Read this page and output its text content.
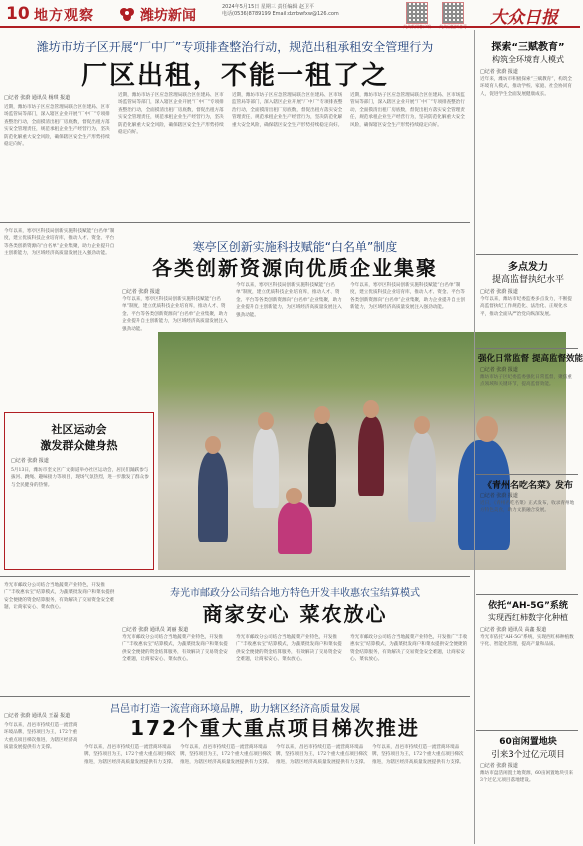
10 地方观察	潍坊新闻
2024年5月15日 星期三 责任编辑 赵卫平
电话(0536)8789199 Email:dzrbwfxw@126.com
大众新闻客户端 大众日报抖音号 大众日报
潍坊市坊子区开展“厂中厂”专项排查整治行动，规范出租承租安全管理行为
厂区出租，不能一租了之
□记者 张蔚 通讯员 杨琪 报道
近期，潍坊市坊子区应急管理局联合区住建局、区市场监管局等部门，深入辖区企业开展“厂中厂”专项排查整治行动，全面摸清出租厂房底数，督促出租方落实安全管理责任，规范承租企业生产经营行为，坚决防范化解重大安全风险，确保辖区安全生产形势持续稳定向好。
近期，潍坊市坊子区应急管理局联合区住建局、区市场监管局等部门，深入辖区企业开展“厂中厂”专项排查整治行动，全面摸清出租厂房底数，督促出租方落实安全管理责任，规范承租企业生产经营行为，坚决防范化解重大安全风险，确保辖区安全生产形势持续稳定向好。
近期，潍坊市坊子区应急管理局联合区住建局、区市场监管局等部门，深入辖区企业开展“厂中厂”专项排查整治行动，全面摸清出租厂房底数，督促出租方落实安全管理责任，规范承租企业生产经营行为，坚决防范化解重大安全风险，确保辖区安全生产形势持续稳定向好。
近期，潍坊市坊子区应急管理局联合区住建局、区市场监管局等部门，深入辖区企业开展“厂中厂”专项排查整治行动，全面摸清出租厂房底数，督促出租方落实安全管理责任，规范承租企业生产经营行为，坚决防范化解重大安全风险，确保辖区安全生产形势持续稳定向好。
今年以来，寒亭区科技局创新实施科技赋能“白名单”制度，建立优质科技企业培育库，推动人才、资金、平台等各类创新资源向“白名单”企业集聚，助力企业提升自主创新能力，为区域经济高质量发展注入强劲动能。	寒亭区创新实施科技赋能“白名单”制度
各类创新资源向优质企业集聚
□记者 张蔚 报道
今年以来，寒亭区科技局创新实施科技赋能“白名单”制度，建立优质科技企业培育库，推动人才、资金、平台等各类创新资源向“白名单”企业集聚，助力企业提升自主创新能力，为区域经济高质量发展注入强劲动能。
今年以来，寒亭区科技局创新实施科技赋能“白名单”制度，建立优质科技企业培育库，推动人才、资金、平台等各类创新资源向“白名单”企业集聚，助力企业提升自主创新能力，为区域经济高质量发展注入强劲动能。
今年以来，寒亭区科技局创新实施科技赋能“白名单”制度，建立优质科技企业培育库，推动人才、资金、平台等各类创新资源向“白名单”企业集聚，助力企业提升自主创新能力，为区域经济高质量发展注入强劲动能。
社区运动会
激发群众健身热
□记者 张蔚 报道
5月13日，潍坊市奎文区广文街道举办社区运动会，居民们踊跃参与拔河、跳绳、趣味接力等项目，现场气氛热烈，进一步激发了群众参与全民健身的热情。
寿光市邮政分公司结合当地蔬菜产业特色，开发推广“丰收惠农宝”结算模式，为蔬菜批发商户和菜农提供安全便捷的资金结算服务，有效解决了交易资金安全难题，让商家安心、菜农放心。
寿光市邮政分公司结合地方特色开发丰收惠农宝结算模式
商家安心 菜农放心
□记者 张蔚 通讯员 刘丽 报道
寿光市邮政分公司结合当地蔬菜产业特色，开发推广“丰收惠农宝”结算模式，为蔬菜批发商户和菜农提供安全便捷的资金结算服务，有效解决了交易资金安全难题，让商家安心、菜农放心。
寿光市邮政分公司结合当地蔬菜产业特色，开发推广“丰收惠农宝”结算模式，为蔬菜批发商户和菜农提供安全便捷的资金结算服务，有效解决了交易资金安全难题，让商家安心、菜农放心。
寿光市邮政分公司结合当地蔬菜产业特色，开发推广“丰收惠农宝”结算模式，为蔬菜批发商户和菜农提供安全便捷的资金结算服务，有效解决了交易资金安全难题，让商家安心、菜农放心。
昌邑市打造一流营商环境品牌，助力辖区经济高质量发展
172个重大重点项目梯次推进
□记者 张蔚 通讯员 王磊 报道
今年以来，昌邑市持续打造一流营商环境品牌，坚持项目为王，172个重大重点项目梯次推进，为辖区经济高质量发展提供有力支撑。	今年以来，昌邑市持续打造一流营商环境品牌，坚持项目为王，172个重大重点项目梯次推进，为辖区经济高质量发展提供有力支撑。
今年以来，昌邑市持续打造一流营商环境品牌，坚持项目为王，172个重大重点项目梯次推进，为辖区经济高质量发展提供有力支撑。
今年以来，昌邑市持续打造一流营商环境品牌，坚持项目为王，172个重大重点项目梯次推进，为辖区经济高质量发展提供有力支撑。
今年以来，昌邑市持续打造一流营商环境品牌，坚持项目为王，172个重大重点项目梯次推进，为辖区经济高质量发展提供有力支撑。
探索“三赋教育”
构筑全环境育人模式
□记者 张蔚 报道
近年来，潍坊市积极探索“三赋教育”，构筑全环境育人模式，推动学校、家庭、社会协同育人，促进学生全面发展健康成长。
多点发力
提高监督执纪水平
□记者 张蔚 报道
今年以来，潍坊市纪委监委多点发力，不断提高监督执纪工作规范化、法治化、正规化水平，推动全面从严治党向纵深发展。
强化日常监督 提高监督效能
□记者 张蔚 报道
潍坊市坊子区纪委监委强化日常监督，聚焦重点领域和关键环节，提高监督效能。
《青州名吃名菜》发布
□记者 张蔚 报道
近日，《青州名吃名菜》正式发布，收录青州地方特色美食，助力文旅融合发展。
依托“AH-5G”系统
实现西红柿数字化种植
□记者 张蔚 通讯员 高鑫 报道
寿光市依托“AH-5G”系统，实现西红柿种植数字化、智能化管理，提高产量和品质。
60亩闲置地块
引来3个过亿元项目
□记者 张蔚 报道
潍坊市盘活闲置土地资源，60亩闲置地块引来3个过亿元项目落地建设。
